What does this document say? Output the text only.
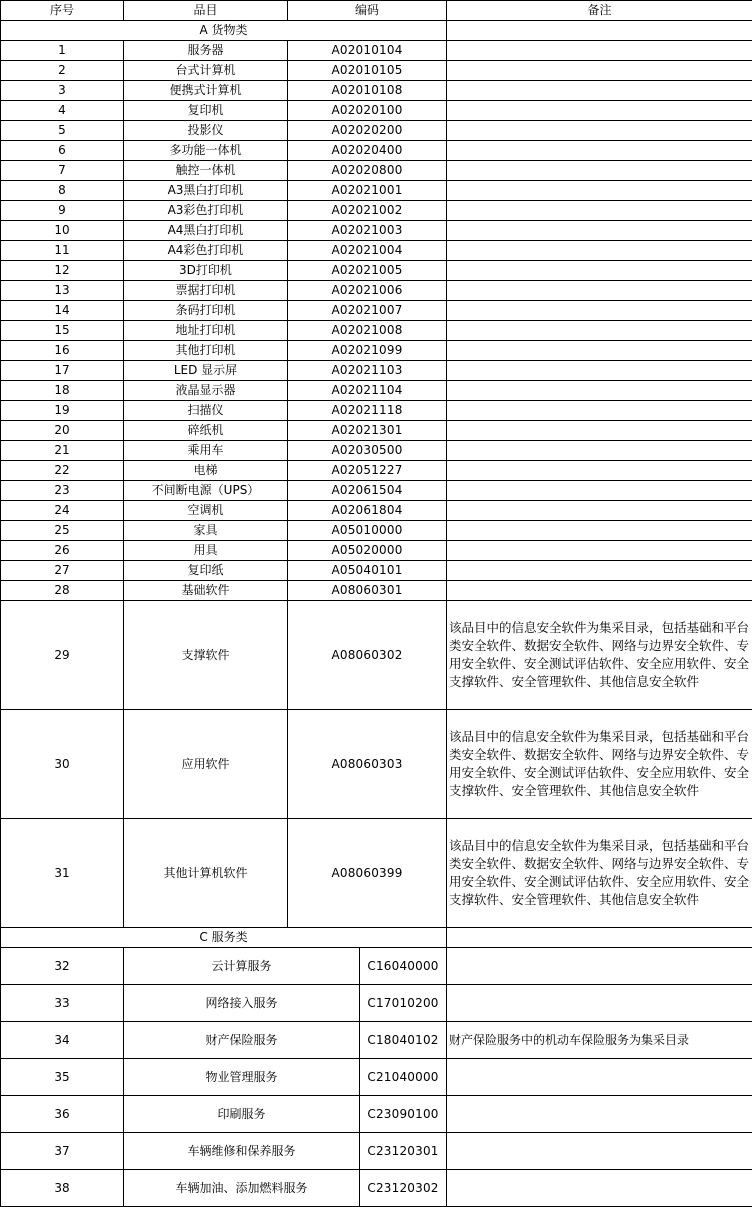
序号	品目	编码	备注
A 货物类			
1	服务器	A02010104	
2	台式计算机	A02010105	
3	便携式计算机	A02010108	
4	复印机	A02020100	
5	投影仪	A02020200	
6	多功能一体机	A02020400	
7	触控一体机	A02020800	
8	A3黑白打印机	A02021001	
9	A3彩色打印机	A02021002	
10	A4黑白打印机	A02021003	
11	A4彩色打印机	A02021004	
12	3D打印机	A02021005	
13	票据打印机	A02021006	
14	条码打印机	A02021007	
15	地址打印机	A02021008	
16	其他打印机	A02021099	
17	LED 显示屏	A02021103	
18	液晶显示器	A02021104	
19	扫描仪	A02021118	
20	碎纸机	A02021301	
21	乘用车	A02030500	
22	电梯	A02051227	
23	不间断电源（UPS）	A02061504	
24	空调机	A02061804	
25	家具	A05010000	
26	用具	A05020000	
27	复印纸	A05040101	
28	基础软件	A08060301	
29	支撑软件	A08060302	该品目中的信息安全软件为集采目录，包括基础和平台类安全软件、数据安全软件、网络与边界安全软件、专用安全软件、安全测试评估软件、安全应用软件、安全支撑软件、安全管理软件、其他信息安全软件
30	应用软件	A08060303	该品目中的信息安全软件为集采目录，包括基础和平台类安全软件、数据安全软件、网络与边界安全软件、专用安全软件、安全测试评估软件、安全应用软件、安全支撑软件、安全管理软件、其他信息安全软件
31	其他计算机软件	A08060399	该品目中的信息安全软件为集采目录，包括基础和平台类安全软件、数据安全软件、网络与边界安全软件、专用安全软件、安全测试评估软件、安全应用软件、安全支撑软件、安全管理软件、其他信息安全软件
C 服务类			
32	云计算服务	C16040000	
33	网络接入服务	C17010200	
34	财产保险服务	C18040102	财产保险服务中的机动车保险服务为集采目录
35	物业管理服务	C21040000	
36	印刷服务	C23090100	
37	车辆维修和保养服务	C23120301	
38	车辆加油、添加燃料服务	C23120302	
